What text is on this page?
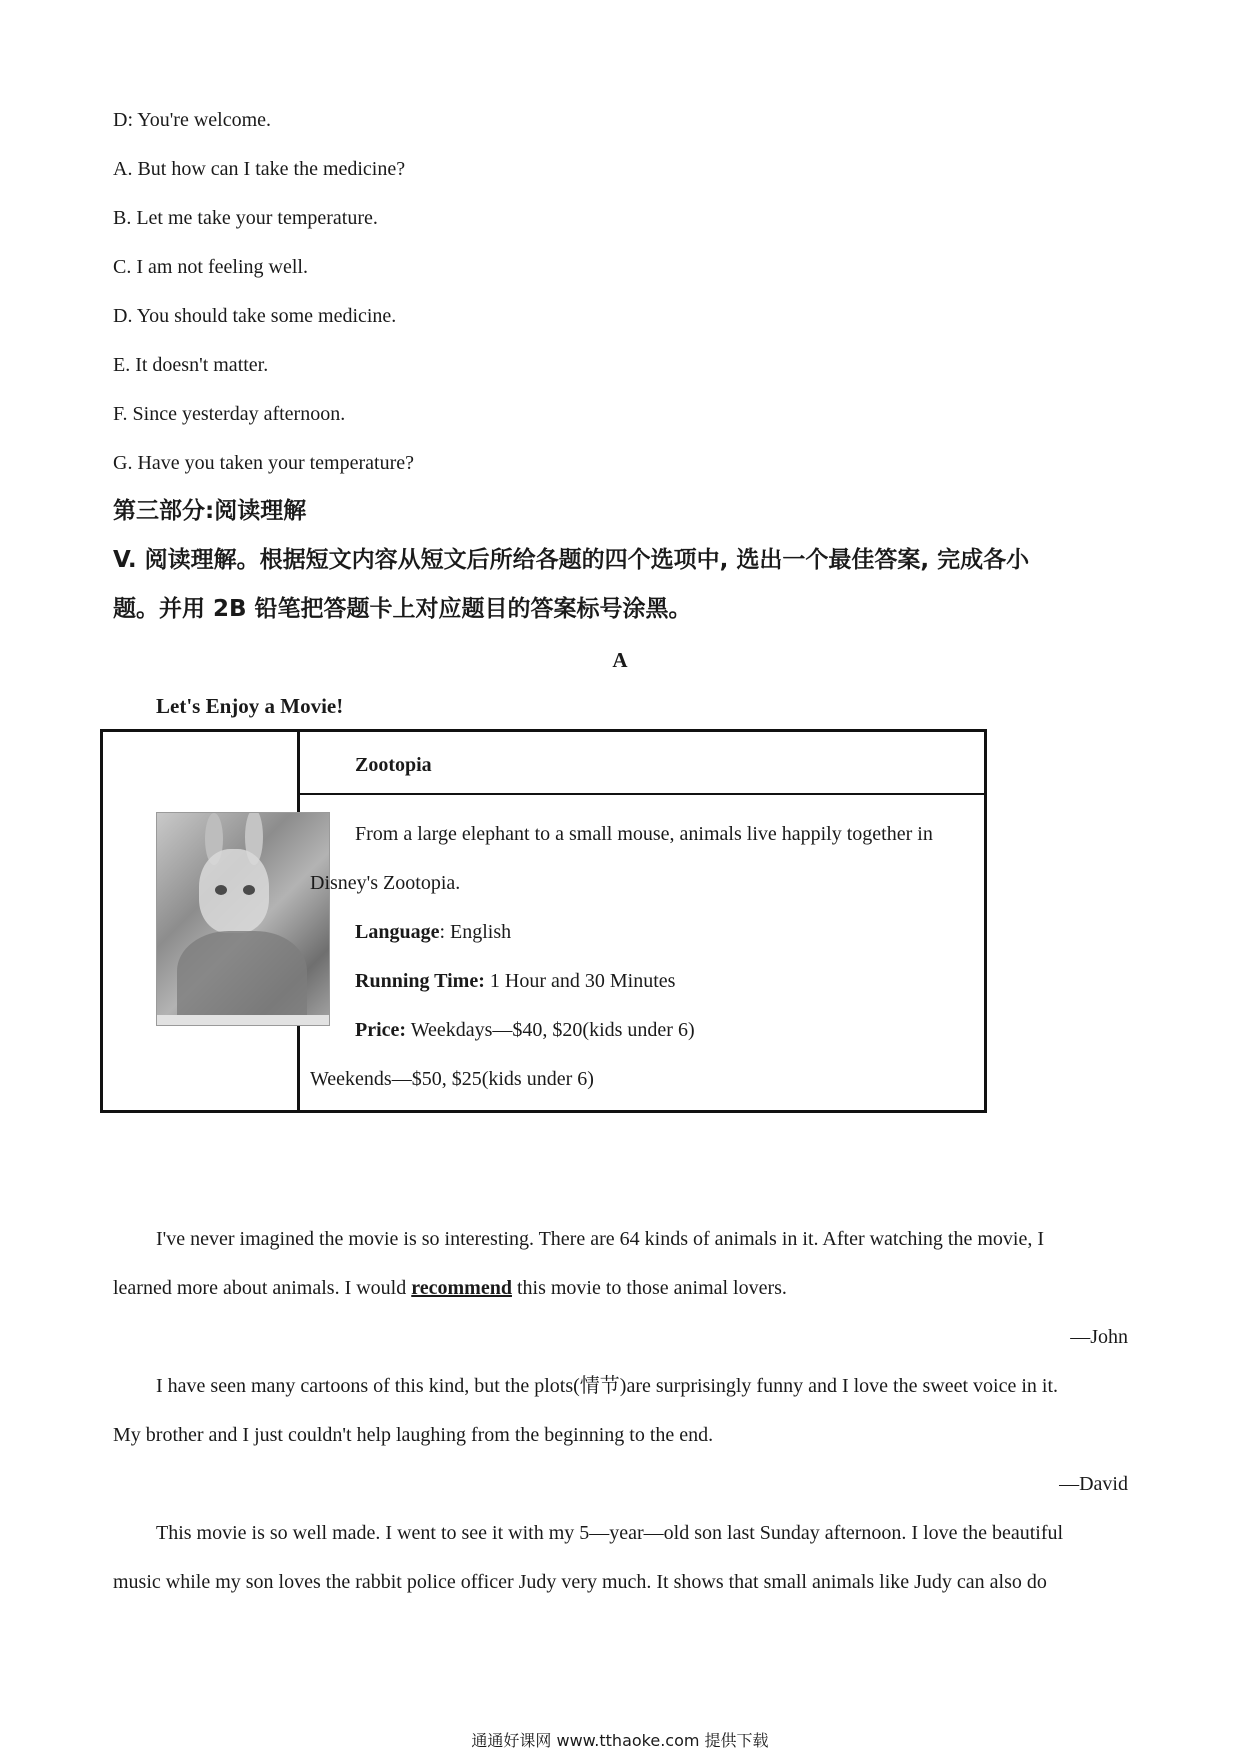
D: You're welcome.
A. But how can I take the medicine?
B. Let me take your temperature.
C. I am not feeling well.
D. You should take some medicine.
E. It doesn't matter.
F. Since yesterday afternoon.
G. Have you taken your temperature?
第三部分:阅读理解
V. 阅读理解。根据短文内容从短文后所给各题的四个选项中, 选出一个最佳答案, 完成各小
题。并用 2B 铅笔把答题卡上对应题目的答案标号涂黑。
A
Let's Enjoy a Movie!
Zootopia
From a large elephant to a small mouse, animals live happily together in
Disney's Zootopia.
Language: English
Running Time: 1 Hour and 30 Minutes
Price: Weekdays—$40, $20(kids under 6)
Weekends—$50, $25(kids under 6)
I've never imagined the movie is so interesting. There are 64 kinds of animals in it. After watching the movie, I
learned more about animals. I would recommend this movie to those animal lovers.
—John
I have seen many cartoons of this kind, but the plots(情节)are surprisingly funny and I love the sweet voice in it.
My brother and I just couldn't help laughing from the beginning to the end.
—David
This movie is so well made. I went to see it with my 5—year—old son last Sunday afternoon. I love the beautiful
music while my son loves the rabbit police officer Judy very much. It shows that small animals like Judy can also do
通通好课网 www.tthaoke.com 提供下载
